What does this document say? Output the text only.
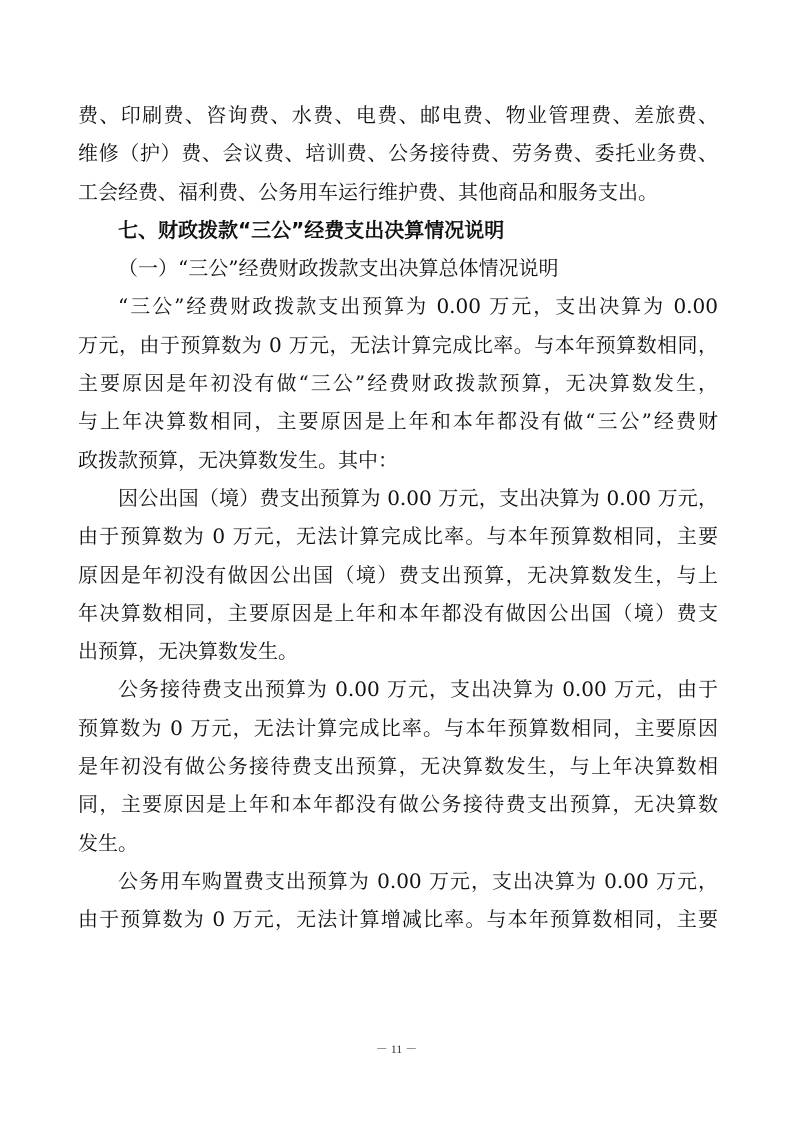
费、印刷费、咨询费、水费、电费、邮电费、物业管理费、差旅费、
维修（护）费、会议费、培训费、公务接待费、劳务费、委托业务费、
工会经费、福利费、公务用车运行维护费、其他商品和服务支出。
七、财政拨款“三公”经费支出决算情况说明
（一）“三公”经费财政拨款支出决算总体情况说明
“三公”经费财政拨款支出预算为 0.00 万元，支出决算为 0.00
万元，由于预算数为 0 万元，无法计算完成比率。与本年预算数相同，
主要原因是年初没有做“三公”经费财政拨款预算，无决算数发生，
与上年决算数相同，主要原因是上年和本年都没有做“三公”经费财
政拨款预算，无决算数发生。其中：
因公出国（境）费支出预算为 0.00 万元，支出决算为 0.00 万元，
由于预算数为 0 万元，无法计算完成比率。与本年预算数相同，主要
原因是年初没有做因公出国（境）费支出预算，无决算数发生，与上
年决算数相同，主要原因是上年和本年都没有做因公出国（境）费支
出预算，无决算数发生。
公务接待费支出预算为 0.00 万元，支出决算为 0.00 万元，由于
预算数为 0 万元，无法计算完成比率。与本年预算数相同，主要原因
是年初没有做公务接待费支出预算，无决算数发生，与上年决算数相
同，主要原因是上年和本年都没有做公务接待费支出预算，无决算数
发生。
公务用车购置费支出预算为 0.00 万元，支出决算为 0.00 万元，
由于预算数为 0 万元，无法计算增减比率。与本年预算数相同，主要
－ 11 －
